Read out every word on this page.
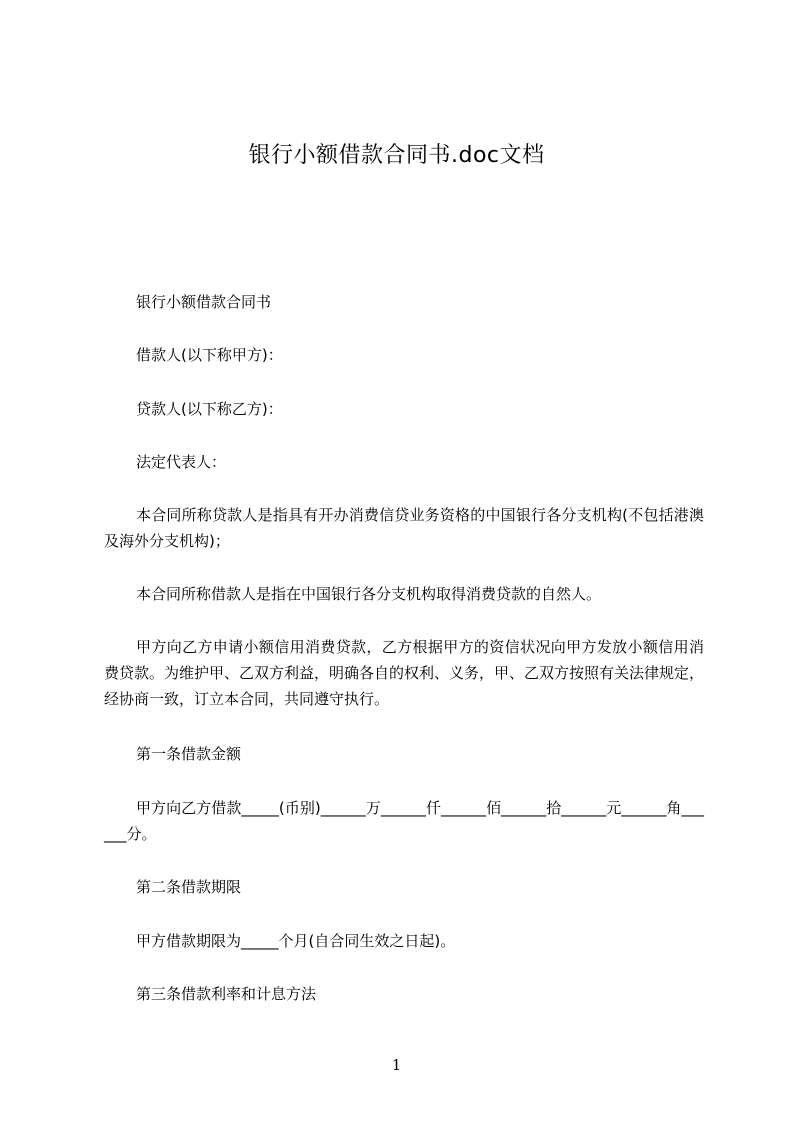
银行小额借款合同书.doc文档

银行小额借款合同书

借款人(以下称甲方)：

贷款人(以下称乙方)：

法定代表人：

本合同所称贷款人是指具有开办消费信贷业务资格的中国银行各分支机构(不包括港澳及海外分支机构)；

本合同所称借款人是指在中国银行各分支机构取得消费贷款的自然人。

甲方向乙方申请小额信用消费贷款，乙方根据甲方的资信状况向甲方发放小额信用消费贷款。为维护甲、乙双方利益，明确各自的权利、义务，甲、乙双方按照有关法律规定，经协商一致，订立本合同，共同遵守执行。

第一条借款金额

甲方向乙方借款_____(币别)______万______仟______佰______拾______元______角______分。

第二条借款期限

甲方借款期限为_____个月(自合同生效之日起)。

第三条借款利率和计息方法

1
